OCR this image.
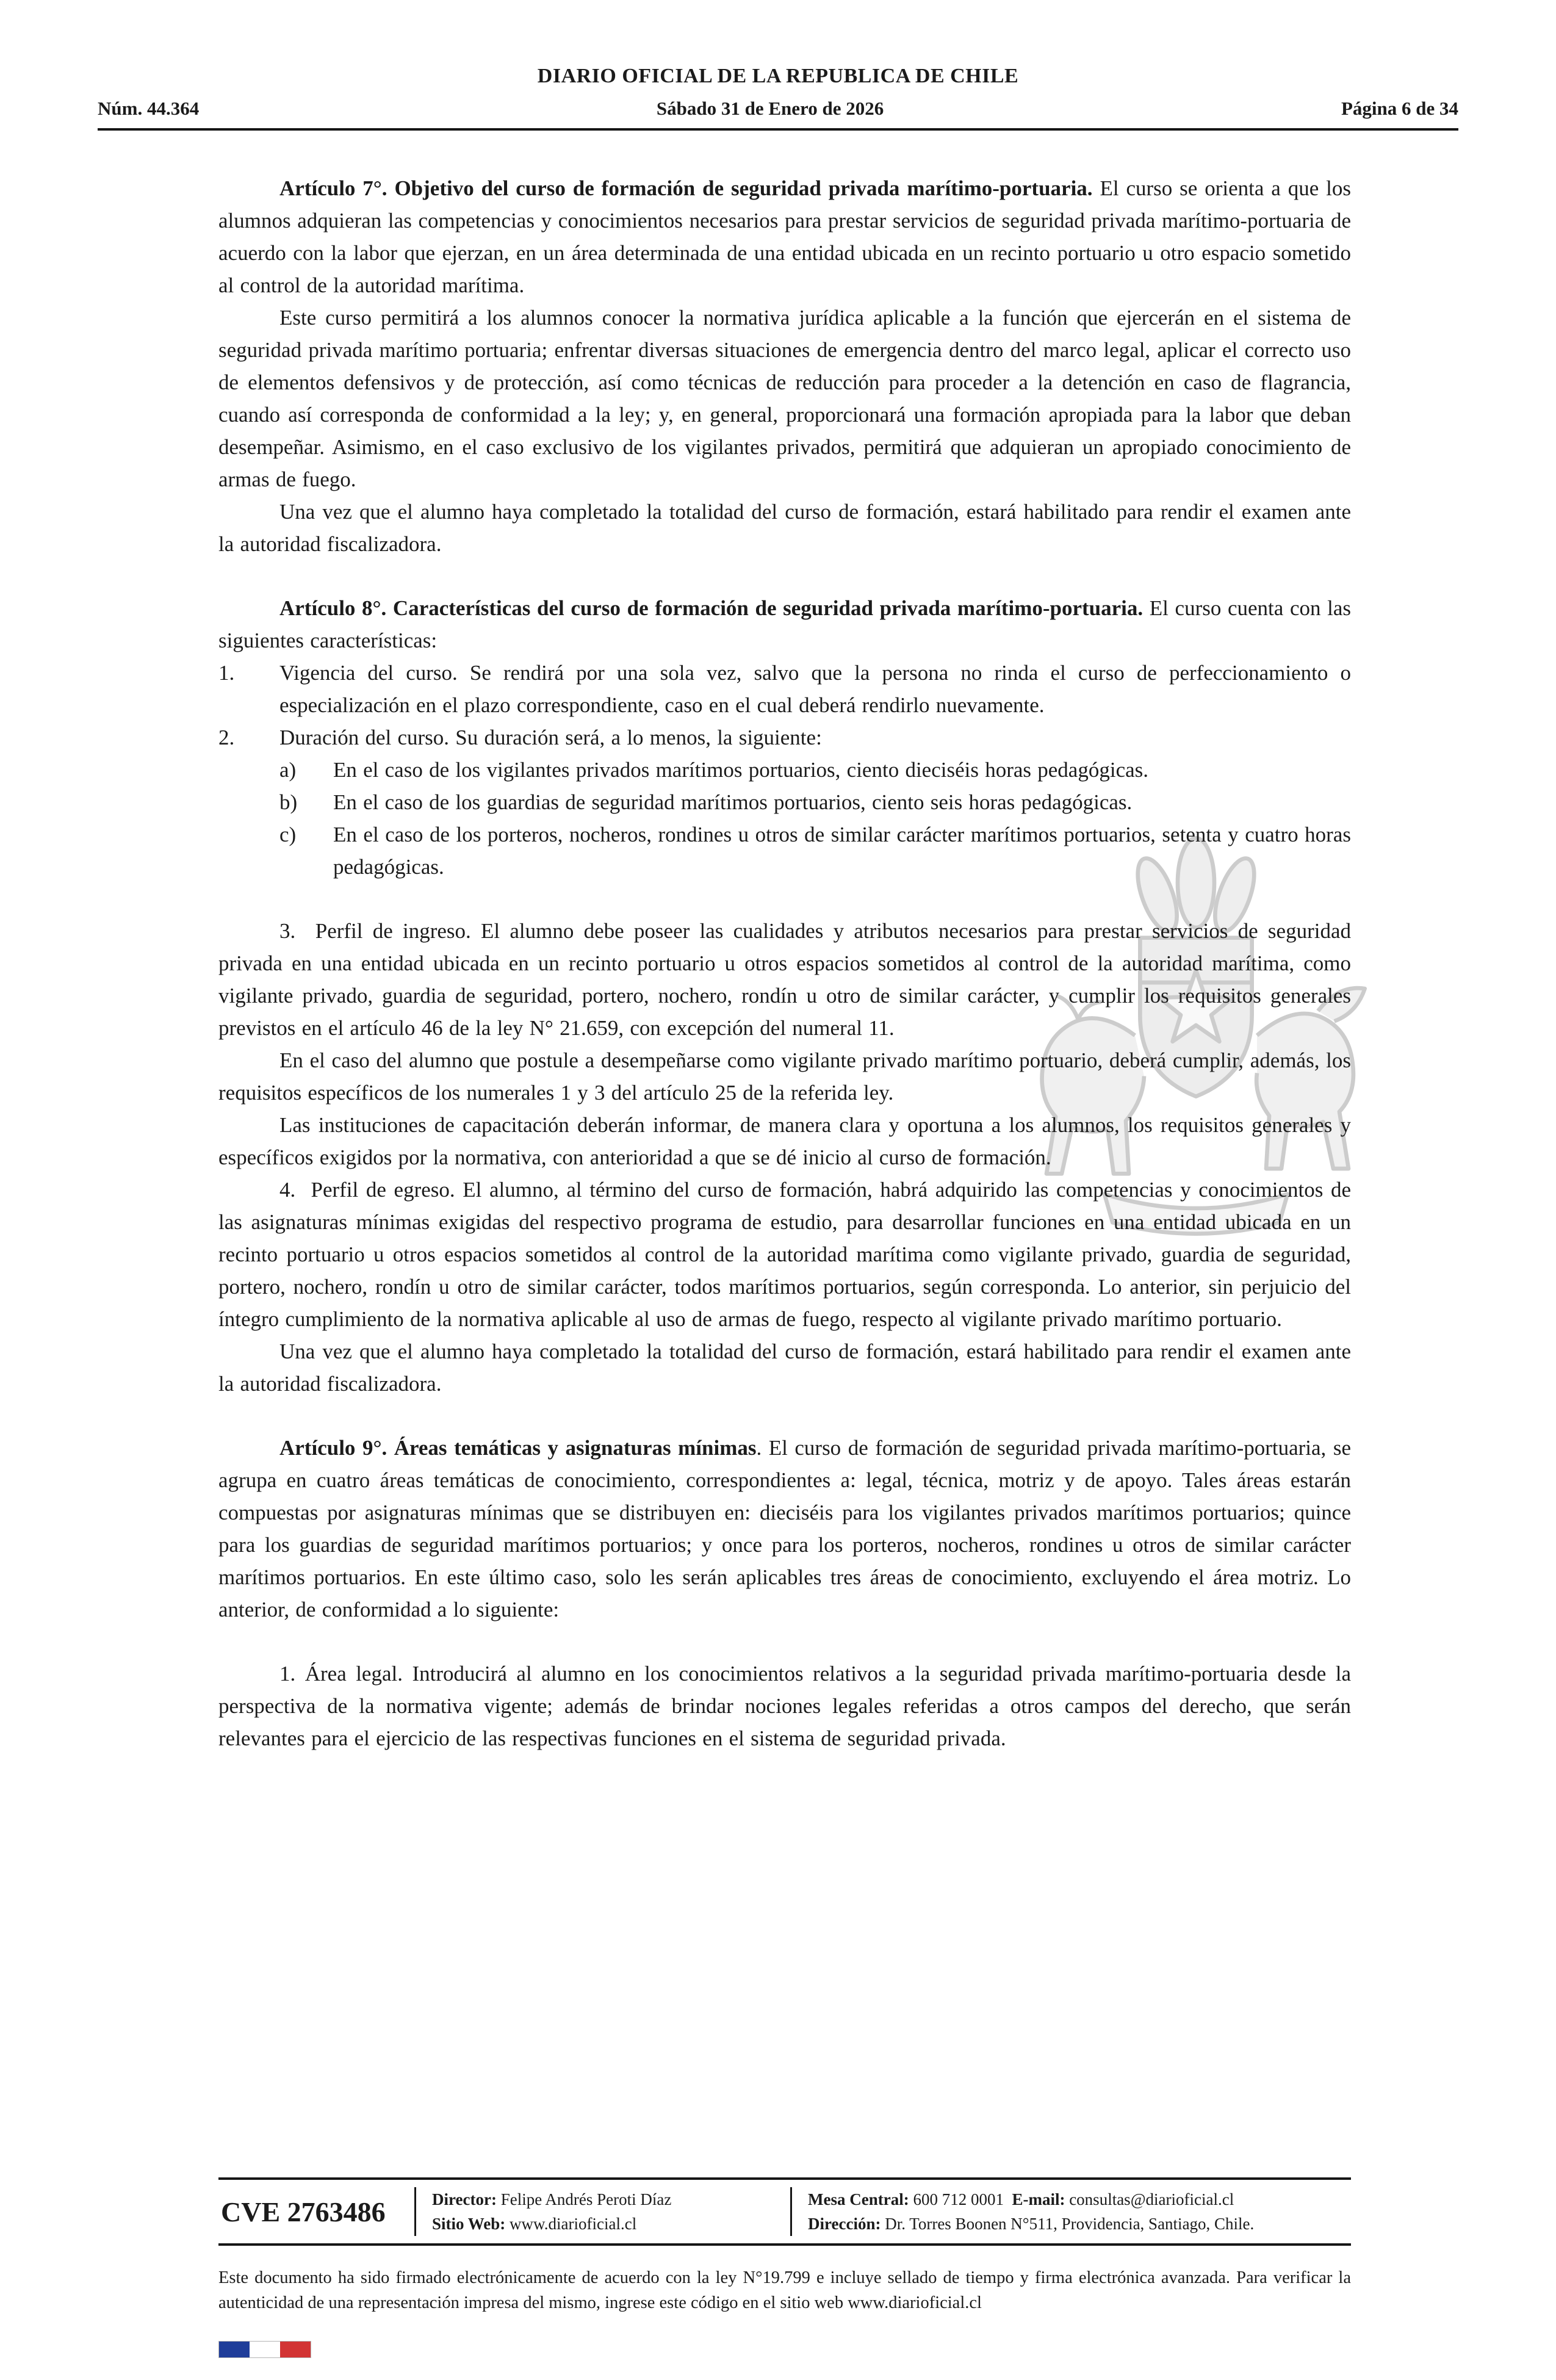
DIARIO OFICIAL DE LA REPUBLICA DE CHILE
Núm. 44.364	Sábado 31 de Enero de 2026	Página 6 de 34

Artículo 7°. Objetivo del curso de formación de seguridad privada marítimo-portuaria. El curso se orienta a que los alumnos adquieran las competencias y conocimientos necesarios para prestar servicios de seguridad privada marítimo-portuaria de acuerdo con la labor que ejerzan, en un área determinada de una entidad ubicada en un recinto portuario u otro espacio sometido al control de la autoridad marítima.

Este curso permitirá a los alumnos conocer la normativa jurídica aplicable a la función que ejercerán en el sistema de seguridad privada marítimo portuaria; enfrentar diversas situaciones de emergencia dentro del marco legal, aplicar el correcto uso de elementos defensivos y de protección, así como técnicas de reducción para proceder a la detención en caso de flagrancia, cuando así corresponda de conformidad a la ley; y, en general, proporcionará una formación apropiada para la labor que deban desempeñar. Asimismo, en el caso exclusivo de los vigilantes privados, permitirá que adquieran un apropiado conocimiento de armas de fuego.

Una vez que el alumno haya completado la totalidad del curso de formación, estará habilitado para rendir el examen ante la autoridad fiscalizadora.

Artículo 8°. Características del curso de formación de seguridad privada marítimo-portuaria. El curso cuenta con las siguientes características:

1.	Vigencia del curso. Se rendirá por una sola vez, salvo que la persona no rinda el curso de perfeccionamiento o especialización en el plazo correspondiente, caso en el cual deberá rendirlo nuevamente.
2.	Duración del curso. Su duración será, a lo menos, la siguiente:
a)	En el caso de los vigilantes privados marítimos portuarios, ciento dieciséis horas pedagógicas.
b)	En el caso de los guardias de seguridad marítimos portuarios, ciento seis horas pedagógicas.
c)	En el caso de los porteros, nocheros, rondines u otros de similar carácter marítimos portuarios, setenta y cuatro horas pedagógicas.

3.  Perfil de ingreso. El alumno debe poseer las cualidades y atributos necesarios para prestar servicios de seguridad privada en una entidad ubicada en un recinto portuario u otros espacios sometidos al control de la autoridad marítima, como vigilante privado, guardia de seguridad, portero, nochero, rondín u otro de similar carácter, y cumplir los requisitos generales previstos en el artículo 46 de la ley N° 21.659, con excepción del numeral 11.

En el caso del alumno que postule a desempeñarse como vigilante privado marítimo portuario, deberá cumplir, además, los requisitos específicos de los numerales 1 y 3 del artículo 25 de la referida ley.

Las instituciones de capacitación deberán informar, de manera clara y oportuna a los alumnos, los requisitos generales y específicos exigidos por la normativa, con anterioridad a que se dé inicio al curso de formación.

4.  Perfil de egreso. El alumno, al término del curso de formación, habrá adquirido las competencias y conocimientos de las asignaturas mínimas exigidas del respectivo programa de estudio, para desarrollar funciones en una entidad ubicada en un recinto portuario u otros espacios sometidos al control de la autoridad marítima como vigilante privado, guardia de seguridad, portero, nochero, rondín u otro de similar carácter, todos marítimos portuarios, según corresponda. Lo anterior, sin perjuicio del íntegro cumplimiento de la normativa aplicable al uso de armas de fuego, respecto al vigilante privado marítimo portuario.

Una vez que el alumno haya completado la totalidad del curso de formación, estará habilitado para rendir el examen ante la autoridad fiscalizadora.

Artículo 9°. Áreas temáticas y asignaturas mínimas. El curso de formación de seguridad privada marítimo-portuaria, se agrupa en cuatro áreas temáticas de conocimiento, correspondientes a: legal, técnica, motriz y de apoyo. Tales áreas estarán compuestas por asignaturas mínimas que se distribuyen en: dieciséis para los vigilantes privados marítimos portuarios; quince para los guardias de seguridad marítimos portuarios; y once para los porteros, nocheros, rondines u otros de similar carácter marítimos portuarios. En este último caso, solo les serán aplicables tres áreas de conocimiento, excluyendo el área motriz. Lo anterior, de conformidad a lo siguiente:

1. Área legal. Introducirá al alumno en los conocimientos relativos a la seguridad privada marítimo-portuaria desde la perspectiva de la normativa vigente; además de brindar nociones legales referidas a otros campos del derecho, que serán relevantes para el ejercicio de las respectivas funciones en el sistema de seguridad privada.

CVE 2763486	Director: Felipe Andrés Peroti Díaz
Sitio Web: www.diarioficial.cl
Mesa Central: 600 712 0001 E-mail: consultas@diarioficial.cl
Dirección: Dr. Torres Boonen N°511, Providencia, Santiago, Chile.
Este documento ha sido firmado electrónicamente de acuerdo con la ley N°19.799 e incluye sellado de tiempo y firma electrónica avanzada. Para verificar la autenticidad de una representación impresa del mismo, ingrese este código en el sitio web www.diarioficial.cl
